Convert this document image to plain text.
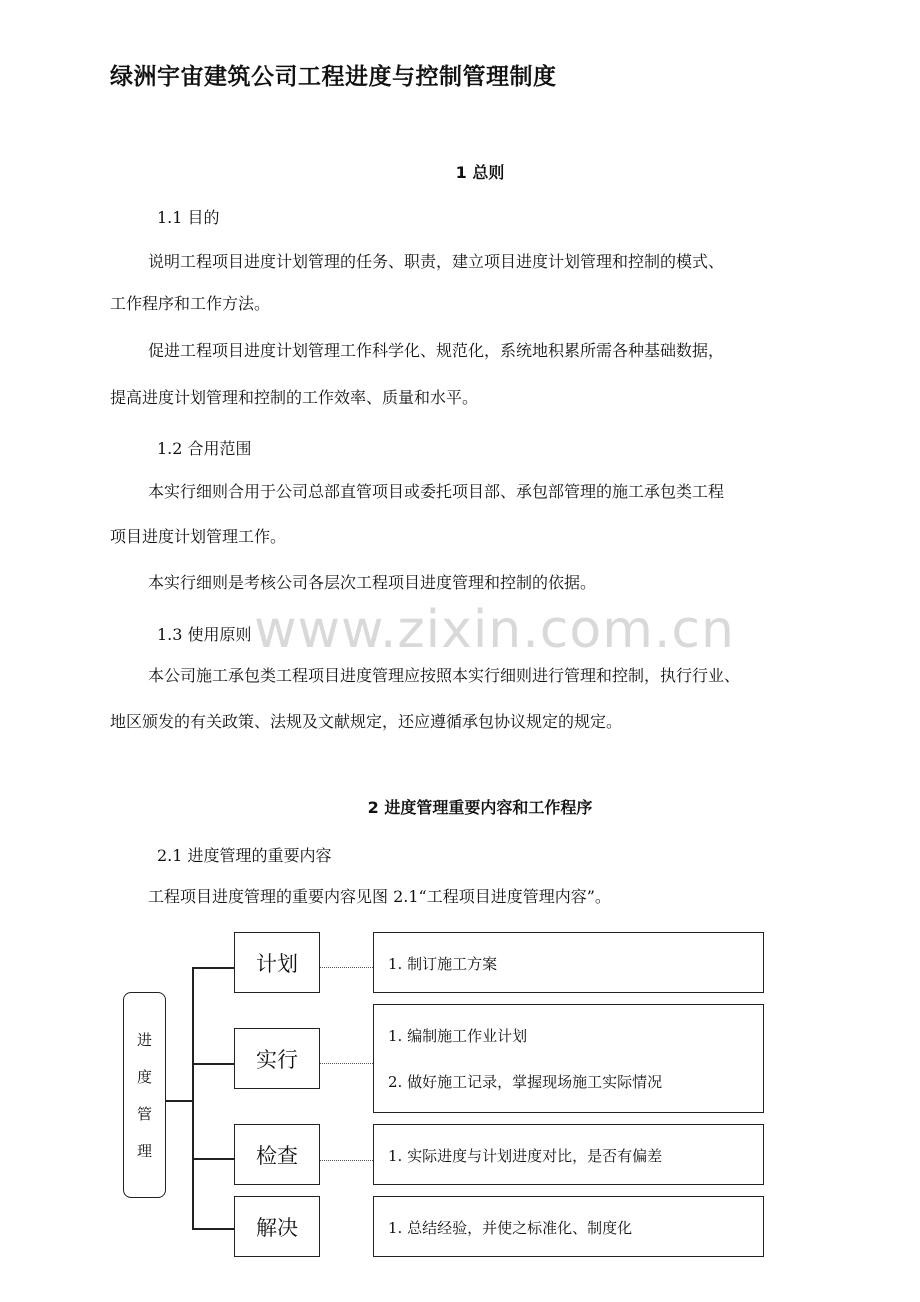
绿洲宇宙建筑公司工程进度与控制管理制度
1 总则
1.1 目的
说明工程项目进度计划管理的任务、职责，建立项目进度计划管理和控制的模式、
工作程序和工作方法。
促进工程项目进度计划管理工作科学化、规范化，系统地积累所需各种基础数据，
提高进度计划管理和控制的工作效率、质量和水平。
1.2 合用范围
本实行细则合用于公司总部直管项目或委托项目部、承包部管理的施工承包类工程
项目进度计划管理工作。
本实行细则是考核公司各层次工程项目进度管理和控制的依据。
www.zixin.com.cn
1.3 使用原则
本公司施工承包类工程项目进度管理应按照本实行细则进行管理和控制，执行行业、
地区颁发的有关政策、法规及文献规定，还应遵循承包协议规定的规定。
2 进度管理重要内容和工作程序
2.1 进度管理的重要内容
工程项目进度管理的重要内容见图 2.1“工程项目进度管理内容”。
进
度
管
理
计划
实行
检查
解决
1. 制订施工方案
1. 编制施工作业计划
2. 做好施工记录，掌握现场施工实际情况
1. 实际进度与计划进度对比，是否有偏差
1. 总结经验，并使之标准化、制度化
